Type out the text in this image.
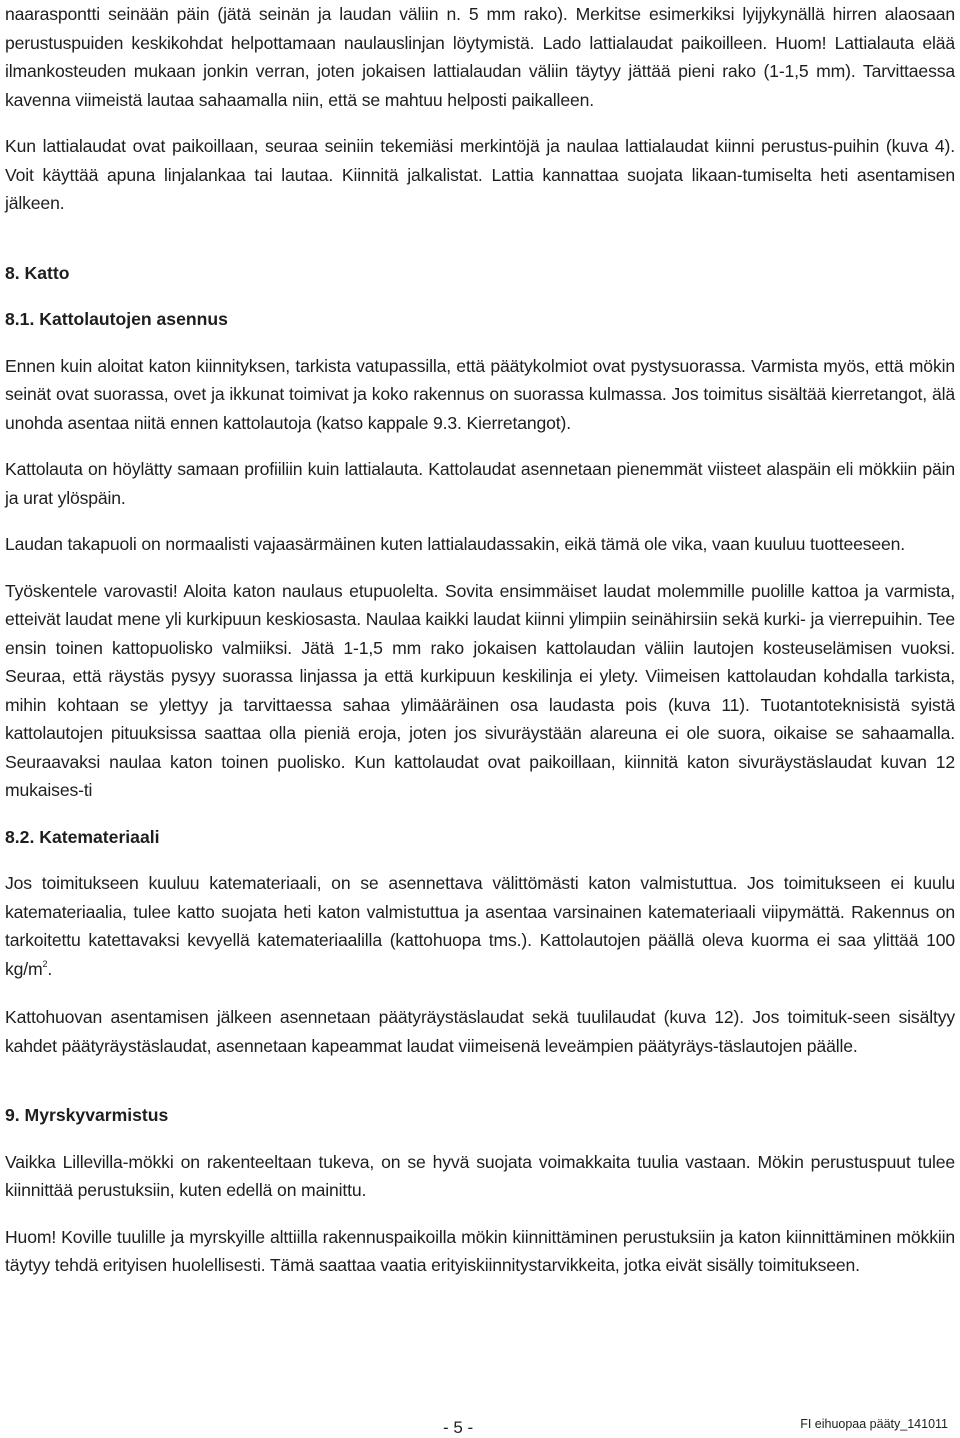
naaraspontti seinään päin (jätä seinän ja laudan väliin n. 5 mm rako). Merkitse esimerkiksi lyijykynällä hirren alaosaan perustuspuiden keskikohdat helpottamaan naulauslinjan löytymistä. Lado lattialaudat paikoilleen. Huom! Lattialauta elää ilmankosteuden mukaan jonkin verran, joten jokaisen lattialaudan väliin täytyy jättää pieni rako (1-1,5 mm). Tarvittaessa kavenna viimeistä lautaa sahaamalla niin, että se mahtuu helposti paikalleen.

Kun lattialaudat ovat paikoillaan, seuraa seiniin tekemiäsi merkintöjä ja naulaa lattialaudat kiinni perustus-puihin (kuva 4). Voit käyttää apuna linjalankaa tai lautaa. Kiinnitä jalkalistat. Lattia kannattaa suojata likaan-tumiselta heti asentamisen jälkeen.

8. Katto
8.1. Kattolautojen asennus

Ennen kuin aloitat katon kiinnityksen, tarkista vatupassilla, että päätykolmiot ovat pystysuorassa. Varmista myös, että mökin seinät ovat suorassa, ovet ja ikkunat toimivat ja koko rakennus on suorassa kulmassa. Jos toimitus sisältää kierretangot, älä unohda asentaa niitä ennen kattolautoja (katso kappale 9.3. Kierretangot).

Kattolauta on höylätty samaan profiiliin kuin lattialauta. Kattolaudat asennetaan pienemmät viisteet alaspäin eli mökkiin päin ja urat ylöspäin.

Laudan takapuoli on normaalisti vajaasärmäinen kuten lattialaudassakin, eikä tämä ole vika, vaan kuuluu tuotteeseen.

Työskentele varovasti! Aloita katon naulaus etupuolelta. Sovita ensimmäiset laudat molemmille puolille kattoa ja varmista, etteivät laudat mene yli kurkipuun keskiosasta. Naulaa kaikki laudat kiinni ylimpiin seinähirsiin sekä kurki- ja vierrepuihin. Tee ensin toinen kattopuolisko valmiiksi. Jätä 1-1,5 mm rako jokaisen kattolaudan väliin lautojen kosteuselämisen vuoksi. Seuraa, että räystäs pysyy suorassa linjassa ja että kurkipuun keskilinja ei ylety. Viimeisen kattolaudan kohdalla tarkista, mihin kohtaan se ylettyy ja tarvittaessa sahaa ylimääräinen osa laudasta pois (kuva 11). Tuotantoteknisistä syistä kattolautojen pituuksissa saattaa olla pieniä eroja, joten jos sivuräystään alareuna ei ole suora, oikaise se sahaamalla. Seuraavaksi naulaa katon toinen puolisko. Kun kattolaudat ovat paikoillaan, kiinnitä katon sivuräystäslaudat kuvan 12 mukaises-ti

8.2. Katemateriaali

Jos toimitukseen kuuluu katemateriaali, on se asennettava välittömästi katon valmistuttua. Jos toimitukseen ei kuulu katemateriaalia, tulee katto suojata heti katon valmistuttua ja asentaa varsinainen katemateriaali viipymättä. Rakennus on tarkoitettu katettavaksi kevyellä katemateriaalilla (kattohuopa tms.). Kattolautojen päällä oleva kuorma ei saa ylittää 100 $kg/m^2$.

Kattohuovan asentamisen jälkeen asennetaan päätyräystäslaudat sekä tuulilaudat (kuva 12). Jos toimituk-seen sisältyy kahdet päätyräystäslaudat, asennetaan kapeammat laudat viimeisenä leveämpien päätyräys-täslautojen päälle.

9. Myrskyvarmistus

Vaikka Lillevilla-mökki on rakenteeltaan tukeva, on se hyvä suojata voimakkaita tuulia vastaan. Mökin perustuspuut tulee kiinnittää perustuksiin, kuten edellä on mainittu.

Huom! Koville tuulille ja myrskyille alttiilla rakennuspaikoilla mökin kiinnittäminen perustuksiin ja katon kiinnittäminen mökkiin täytyy tehdä erityisen huolellisesti. Tämä saattaa vaatia erityiskiinnitystarvikkeita, jotka eivät sisälly toimitukseen.

- 5 -	FI eihuopaa pääty_141011
